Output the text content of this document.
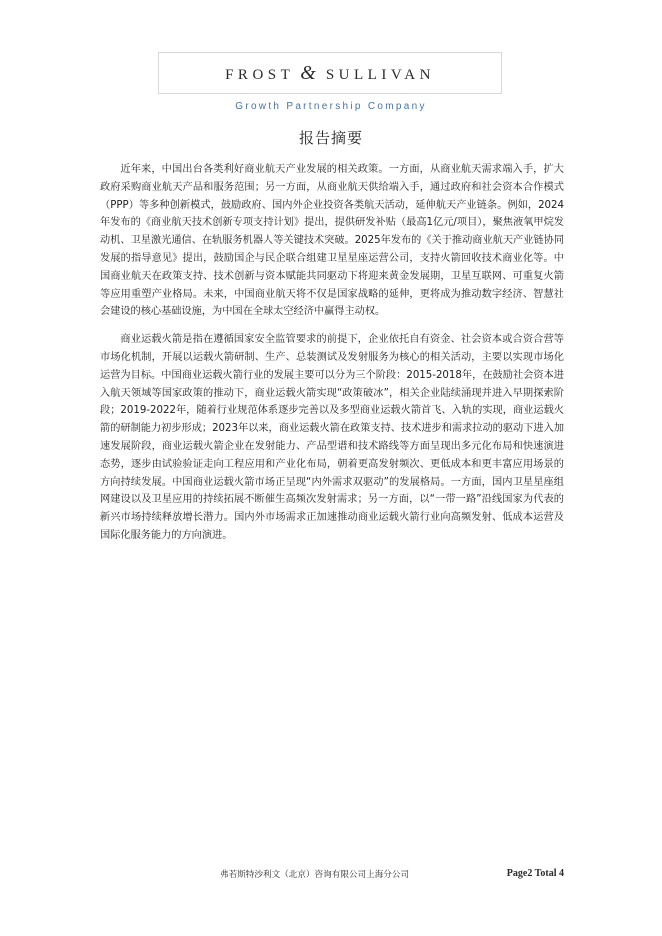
FROST & SULLIVAN
Growth Partnership Company
报告摘要

近年来，中国出台各类利好商业航天产业发展的相关政策。一方面，从商业航天需求端入手，扩大政府采购商业航天产品和服务范围；另一方面，从商业航天供给端入手，通过政府和社会资本合作模式（PPP）等多种创新模式，鼓励政府、国内外企业投资各类航天活动，延伸航天产业链条。例如，2024年发布的《商业航天技术创新专项支持计划》提出，提供研发补贴（最高1亿元/项目），聚焦液氧甲烷发动机、卫星激光通信、在轨服务机器人等关键技术突破。2025年发布的《关于推动商业航天产业链协同发展的指导意见》提出，鼓励国企与民企联合组建卫星星座运营公司，支持火箭回收技术商业化等。中国商业航天在政策支持、技术创新与资本赋能共同驱动下将迎来黄金发展期，卫星互联网、可重复火箭等应用重塑产业格局。未来，中国商业航天将不仅是国家战略的延伸，更将成为推动数字经济、智慧社会建设的核心基础设施，为中国在全球太空经济中赢得主动权。

商业运载火箭是指在遵循国家安全监管要求的前提下，企业依托自有资金、社会资本或合资合营等市场化机制，开展以运载火箭研制、生产、总装测试及发射服务为核心的相关活动，主要以实现市场化运营为目标。中国商业运载火箭行业的发展主要可以分为三个阶段：2015-2018年，在鼓励社会资本进入航天领域等国家政策的推动下，商业运载火箭实现“政策破冰”，相关企业陆续涌现并进入早期探索阶段；2019-2022年，随着行业规范体系逐步完善以及多型商业运载火箭首飞、入轨的实现，商业运载火箭的研制能力初步形成；2023年以来，商业运载火箭在政策支持、技术进步和需求拉动的驱动下进入加速发展阶段，商业运载火箭企业在发射能力、产品型谱和技术路线等方面呈现出多元化布局和快速演进态势，逐步由试验验证走向工程应用和产业化布局，朝着更高发射频次、更低成本和更丰富应用场景的方向持续发展。中国商业运载火箭市场正呈现“内外需求双驱动”的发展格局。一方面，国内卫星星座组网建设以及卫星应用的持续拓展不断催生高频次发射需求；另一方面，以“一带一路”沿线国家为代表的新兴市场持续释放增长潜力。国内外市场需求正加速推动商业运载火箭行业向高频发射、低成本运营及国际化服务能力的方向演进。

弗若斯特沙利文（北京）咨询有限公司上海分公司	Page2 Total 4
